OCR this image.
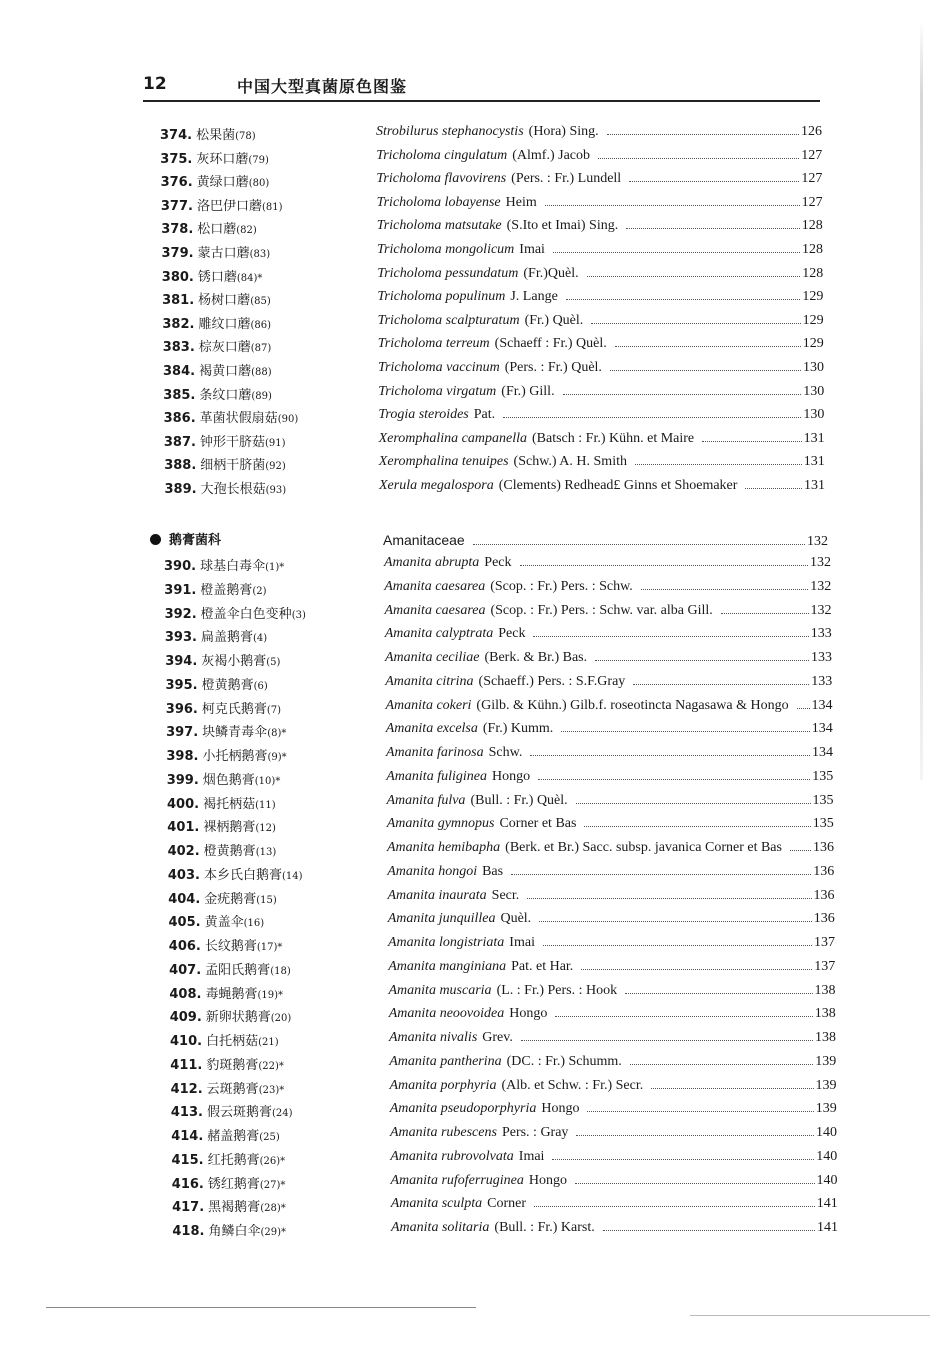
12	中国大型真菌原色图鉴
鹅膏菌科	Amanitaceae	132
374. 松果菌(78)	Strobilurus stephanocystis (Hora) Sing.	126
375. 灰环口蘑(79)	Tricholoma cingulatum (Almf.) Jacob	127
376. 黄绿口蘑(80)	Tricholoma flavovirens (Pers. : Fr.) Lundell	127
377. 洛巴伊口蘑(81)	Tricholoma lobayense Heim	127
378. 松口蘑(82)	Tricholoma matsutake (S.Ito et Imai) Sing.	128
379. 蒙古口蘑(83)	Tricholoma mongolicum Imai	128
380. 锈口蘑(84)*	Tricholoma pessundatum (Fr.)Quèl.	128
381. 杨树口蘑(85)	Tricholoma populinum J. Lange	129
382. 雕纹口蘑(86)	Tricholoma scalpturatum (Fr.) Quèl.	129
383. 棕灰口蘑(87)	Tricholoma terreum (Schaeff : Fr.) Quèl.	129
384. 褐黄口蘑(88)	Tricholoma vaccinum (Pers. : Fr.) Quèl.	130
385. 条纹口蘑(89)	Tricholoma virgatum (Fr.) Gill.	130
386. 革菌状假扇菇(90)	Trogia steroides Pat.	130
387. 钟形干脐菇(91)	Xeromphalina campanella (Batsch : Fr.) Kühn. et Maire	131
388. 细柄干脐菌(92)	Xeromphalina tenuipes (Schw.) A. H. Smith	131
389. 大孢长根菇(93)	Xerula megalospora (Clements) Redhead£ Ginns et Shoemaker	131
390. 球基白毒伞(1)*	Amanita abrupta Peck	132
391. 橙盖鹅膏(2)	Amanita caesarea (Scop. : Fr.) Pers. : Schw.	132
392. 橙盖伞白色变种(3)	Amanita caesarea (Scop. : Fr.) Pers. : Schw. var. alba Gill.	132
393. 扁盖鹅膏(4)	Amanita calyptrata Peck	133
394. 灰褐小鹅膏(5)	Amanita ceciliae (Berk. & Br.) Bas.	133
395. 橙黄鹅膏(6)	Amanita citrina (Schaeff.) Pers. : S.F.Gray	133
396. 柯克氏鹅膏(7)	Amanita cokeri (Gilb. & Kühn.) Gilb.f. roseotincta Nagasawa & Hongo 134
397. 块鳞青毒伞(8)*	Amanita excelsa (Fr.) Kumm.	134
398. 小托柄鹅膏(9)*	Amanita farinosa Schw.	134
399. 烟色鹅膏(10)*	Amanita fuliginea Hongo	135
400. 褐托柄菇(11)	Amanita fulva (Bull. : Fr.) Quèl.	135
401. 裸柄鹅膏(12)	Amanita gymnopus Corner et Bas	135
402. 橙黄鹅膏(13)	Amanita hemibapha (Berk. et Br.) Sacc. subsp. javanica Corner et Bas 136
403. 本乡氏白鹅膏(14)	Amanita hongoi Bas	136
404. 金疣鹅膏(15)	Amanita inaurata Secr.	136
405. 黄盖伞(16)	Amanita junquillea Quèl.	136
406. 长纹鹅膏(17)*	Amanita longistriata Imai	137
407. 孟阳氏鹅膏(18)	Amanita manginiana Pat. et Har.	137
408. 毒蝇鹅膏(19)*	Amanita muscaria (L. : Fr.) Pers. : Hook	138
409. 新卵状鹅膏(20)	Amanita neoovoidea Hongo	138
410. 白托柄菇(21)	Amanita nivalis Grev.	138
411. 豹斑鹅膏(22)*	Amanita pantherina (DC. : Fr.) Schumm.	139
412. 云斑鹅膏(23)*	Amanita porphyria (Alb. et Schw. : Fr.) Secr.	139
413. 假云斑鹅膏(24)	Amanita pseudoporphyria Hongo	139
414. 赭盖鹅膏(25)	Amanita rubescens Pers. : Gray	140
415. 红托鹅膏(26)*	Amanita rubrovolvata Imai	140
416. 锈红鹅膏(27)*	Amanita rufoferruginea Hongo	140
417. 黑褐鹅膏(28)*	Amanita sculpta Corner	141
418. 角鳞白伞(29)*	Amanita solitaria (Bull. : Fr.) Karst.	141
